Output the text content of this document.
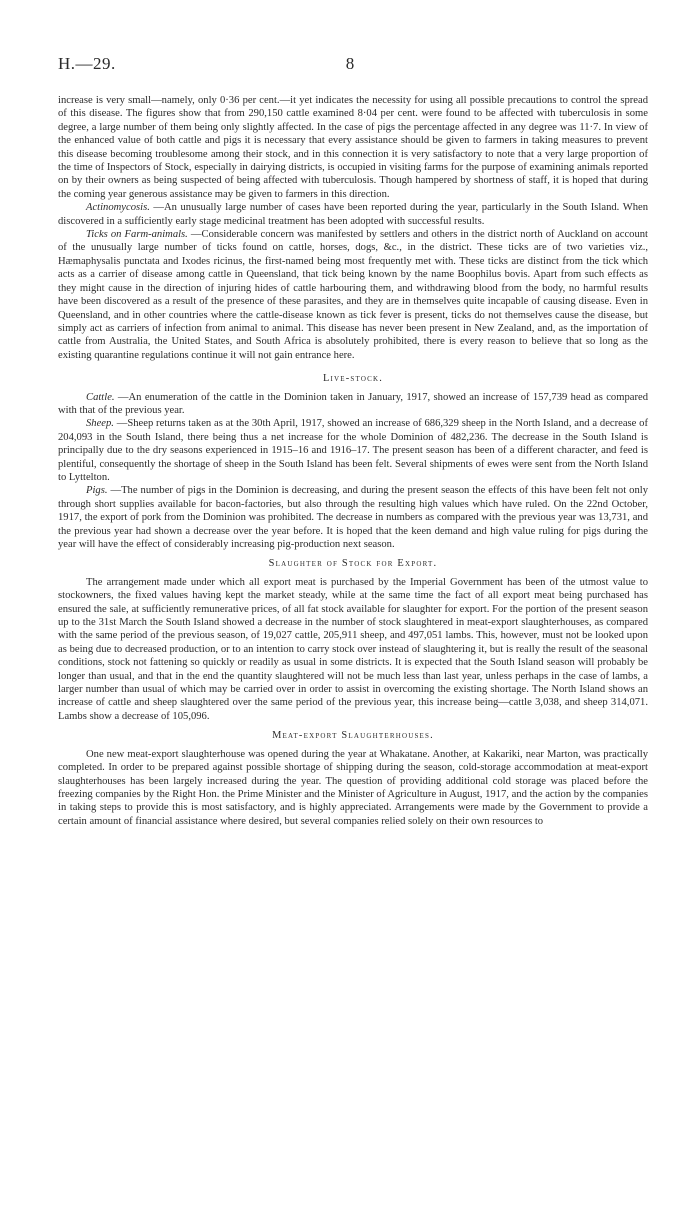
H.—29.	8

increase is very small—namely, only 0·36 per cent.—it yet indicates the necessity for using all possible precautions to control the spread of this disease. The figures show that from 290,150 cattle examined 8·04 per cent. were found to be affected with tuberculosis in some degree, a large number of them being only slightly affected. In the case of pigs the percentage affected in any degree was 11·7. In view of the enhanced value of both cattle and pigs it is necessary that every assistance should be given to farmers in taking measures to prevent this disease becoming troublesome among their stock, and in this connection it is very satisfactory to note that a very large proportion of the time of Inspectors of Stock, especially in dairying districts, is occupied in visiting farms for the purpose of examining animals reported on by their owners as being suspected of being affected with tuberculosis. Though hampered by shortness of staff, it is hoped that during the coming year generous assistance may be given to farmers in this direction.

Actinomycosis. —An unusually large number of cases have been reported during the year, particularly in the South Island. When discovered in a sufficiently early stage medicinal treatment has been adopted with successful results.

Ticks on Farm-animals. —Considerable concern was manifested by settlers and others in the district north of Auckland on account of the unusually large number of ticks found on cattle, horses, dogs, &c., in the district. These ticks are of two varieties viz., Hæmaphysalis punctata and Ixodes ricinus, the first-named being most frequently met with. These ticks are distinct from the tick which acts as a carrier of disease among cattle in Queensland, that tick being known by the name Boophilus bovis. Apart from such effects as they might cause in the direction of injuring hides of cattle harbouring them, and withdrawing blood from the body, no harmful results have been discovered as a result of the presence of these parasites, and they are in themselves quite incapable of causing disease. Even in Queensland, and in other countries where the cattle-disease known as tick fever is present, ticks do not themselves cause the disease, but simply act as carriers of infection from animal to animal. This disease has never been present in New Zealand, and, as the importation of cattle from Australia, the United States, and South Africa is absolutely prohibited, there is every reason to believe that so long as the existing quarantine regulations continue it will not gain entrance here.

Live-stock.

Cattle. —An enumeration of the cattle in the Dominion taken in January, 1917, showed an increase of 157,739 head as compared with that of the previous year.

Sheep. —Sheep returns taken as at the 30th April, 1917, showed an increase of 686,329 sheep in the North Island, and a decrease of 204,093 in the South Island, there being thus a net increase for the whole Dominion of 482,236. The decrease in the South Island is principally due to the dry seasons experienced in 1915–16 and 1916–17. The present season has been of a different character, and feed is plentiful, consequently the shortage of sheep in the South Island has been felt. Several shipments of ewes were sent from the North Island to Lyttelton.

Pigs. —The number of pigs in the Dominion is decreasing, and during the present season the effects of this have been felt not only through short supplies available for bacon-factories, but also through the resulting high values which have ruled. On the 22nd October, 1917, the export of pork from the Dominion was prohibited. The decrease in numbers as compared with the previous year was 13,731, and the previous year had shown a decrease over the year before. It is hoped that the keen demand and high value ruling for pigs during the year will have the effect of considerably increasing pig-production next season.

Slaughter of Stock for Export.

The arrangement made under which all export meat is purchased by the Imperial Government has been of the utmost value to stockowners, the fixed values having kept the market steady, while at the same time the fact of all export meat being purchased has ensured the sale, at sufficiently remunerative prices, of all fat stock available for slaughter for export. For the portion of the present season up to the 31st March the South Island showed a decrease in the number of stock slaughtered in meat-export slaughterhouses, as compared with the same period of the previous season, of 19,027 cattle, 205,911 sheep, and 497,051 lambs. This, however, must not be looked upon as being due to decreased production, or to an intention to carry stock over instead of slaughtering it, but is really the result of the seasonal conditions, stock not fattening so quickly or readily as usual in some districts. It is expected that the South Island season will probably be longer than usual, and that in the end the quantity slaughtered will not be much less than last year, unless perhaps in the case of lambs, a larger number than usual of which may be carried over in order to assist in overcoming the existing shortage. The North Island shows an increase of cattle and sheep slaughtered over the same period of the previous year, this increase being—cattle 3,038, and sheep 314,071. Lambs show a decrease of 105,096.

Meat-export Slaughterhouses.

One new meat-export slaughterhouse was opened during the year at Whakatane. Another, at Kakariki, near Marton, was practically completed. In order to be prepared against possible shortage of shipping during the season, cold-storage accommodation at meat-export slaughterhouses has been largely increased during the year. The question of providing additional cold storage was placed before the freezing companies by the Right Hon. the Prime Minister and the Minister of Agriculture in August, 1917, and the action by the companies in taking steps to provide this is most satisfactory, and is highly appreciated. Arrangements were made by the Government to provide a certain amount of financial assistance where desired, but several companies relied solely on their own resources to
